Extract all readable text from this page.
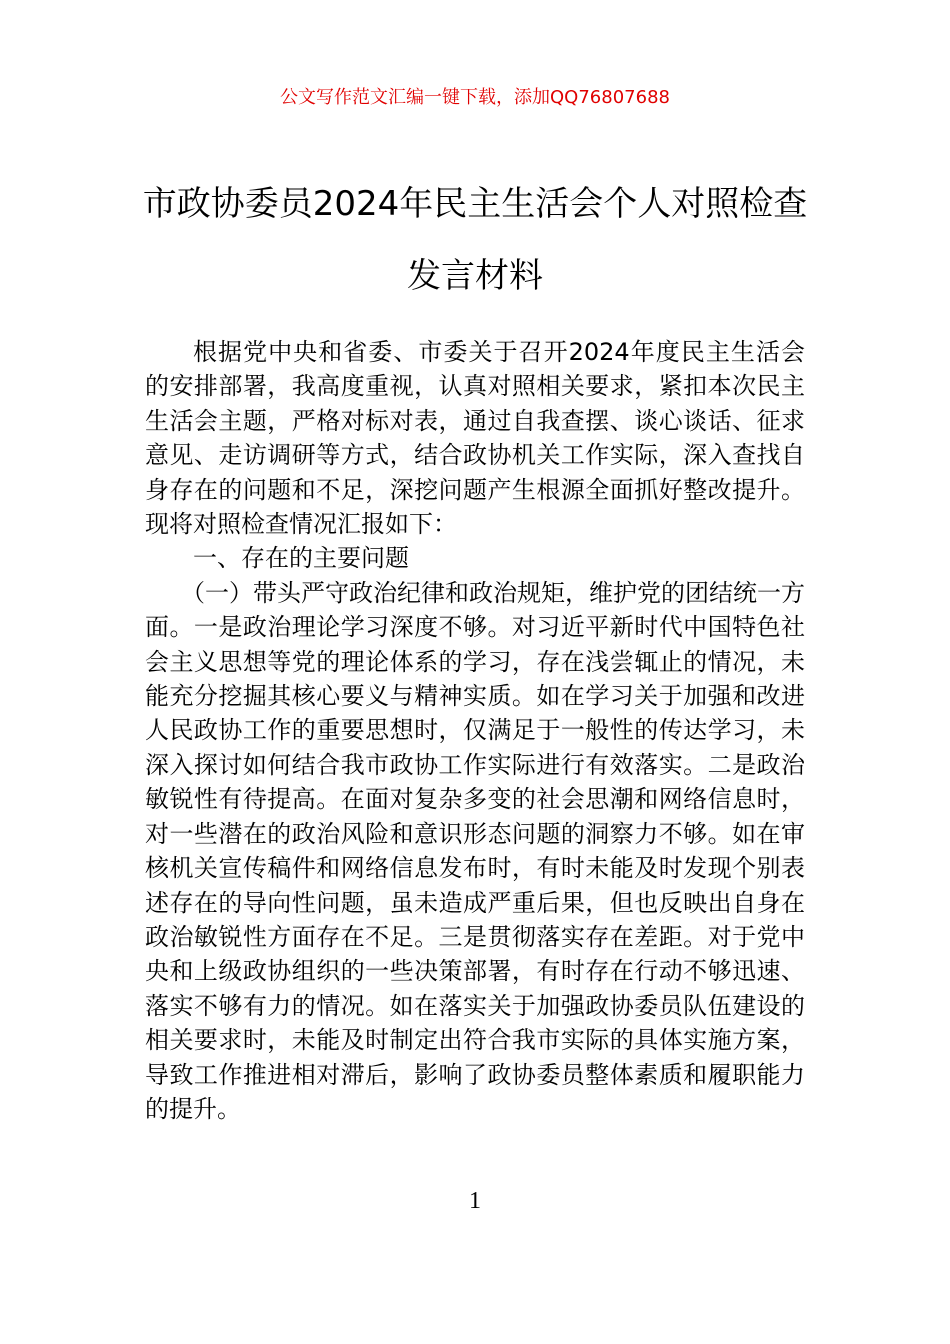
公文写作范文汇编一键下载，添加QQ76807688
市政协委员2024年民主生活会个人对照检查发言材料

根据党中央和省委、市委关于召开2024年度民主生活会的安排部署，我高度重视，认真对照相关要求，紧扣本次民主生活会主题，严格对标对表，通过自我查摆、谈心谈话、征求意见、走访调研等方式，结合政协机关工作实际，深入查找自身存在的问题和不足，深挖问题产生根源全面抓好整改提升。现将对照检查情况汇报如下：

一、存在的主要问题

（一）带头严守政治纪律和政治规矩，维护党的团结统一方面。一是政治理论学习深度不够。对习近平新时代中国特色社会主义思想等党的理论体系的学习，存在浅尝辄止的情况，未能充分挖掘其核心要义与精神实质。如在学习关于加强和改进人民政协工作的重要思想时，仅满足于一般性的传达学习，未深入探讨如何结合我市政协工作实际进行有效落实。二是政治敏锐性有待提高。在面对复杂多变的社会思潮和网络信息时，对一些潜在的政治风险和意识形态问题的洞察力不够。如在审核机关宣传稿件和网络信息发布时，有时未能及时发现个别表述存在的导向性问题，虽未造成严重后果，但也反映出自身在政治敏锐性方面存在不足。三是贯彻落实存在差距。对于党中央和上级政协组织的一些决策部署，有时存在行动不够迅速、落实不够有力的情况。如在落实关于加强政协委员队伍建设的相关要求时，未能及时制定出符合我市实际的具体实施方案，导致工作推进相对滞后，影响了政协委员整体素质和履职能力的提升。

1
